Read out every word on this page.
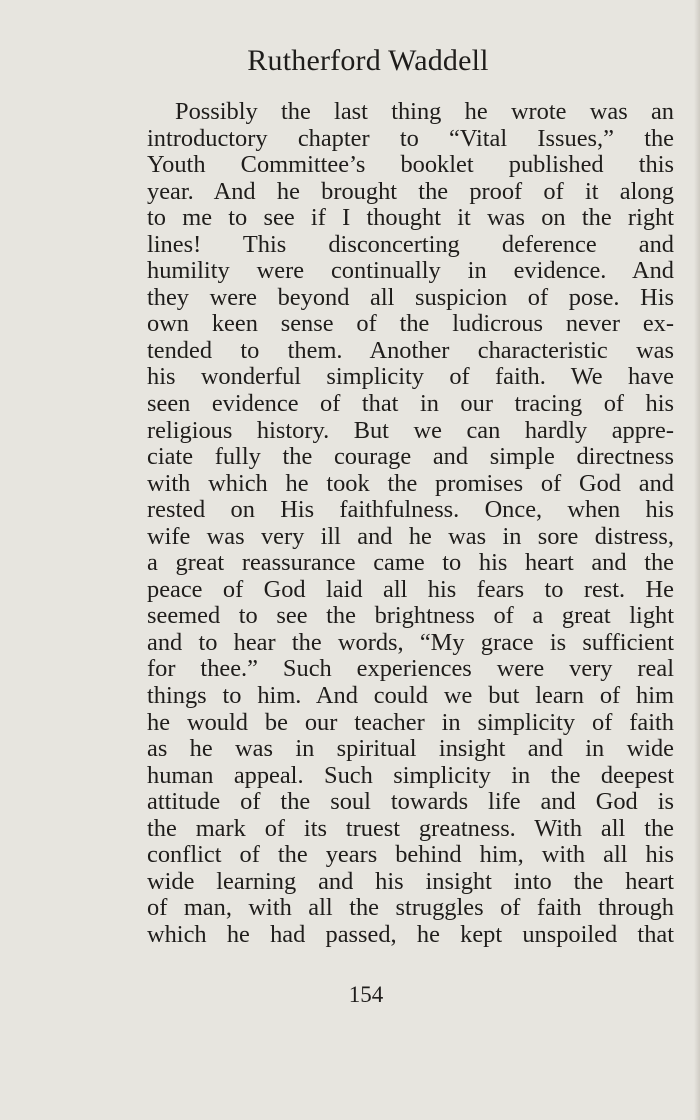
Rutherford Waddell
Possibly the last thing he wrote was an
introductory chapter to “Vital Issues,” the
Youth Committee’s booklet published this
year. And he brought the proof of it along
to me to see if I thought it was on the right
lines! This disconcerting deference and
humility were continually in evidence. And
they were beyond all suspicion of pose. His
own keen sense of the ludicrous never ex-
tended to them. Another characteristic was
his wonderful simplicity of faith. We have
seen evidence of that in our tracing of his
religious history. But we can hardly appre-
ciate fully the courage and simple directness
with which he took the promises of God and
rested on His faithfulness. Once, when his
wife was very ill and he was in sore distress,
a great reassurance came to his heart and the
peace of God laid all his fears to rest. He
seemed to see the brightness of a great light
and to hear the words, “My grace is sufficient
for thee.” Such experiences were very real
things to him. And could we but learn of him
he would be our teacher in simplicity of faith
as he was in spiritual insight and in wide
human appeal. Such simplicity in the deepest
attitude of the soul towards life and God is
the mark of its truest greatness. With all the
conflict of the years behind him, with all his
wide learning and his insight into the heart
of man, with all the struggles of faith through
which he had passed, he kept unspoiled that
154
